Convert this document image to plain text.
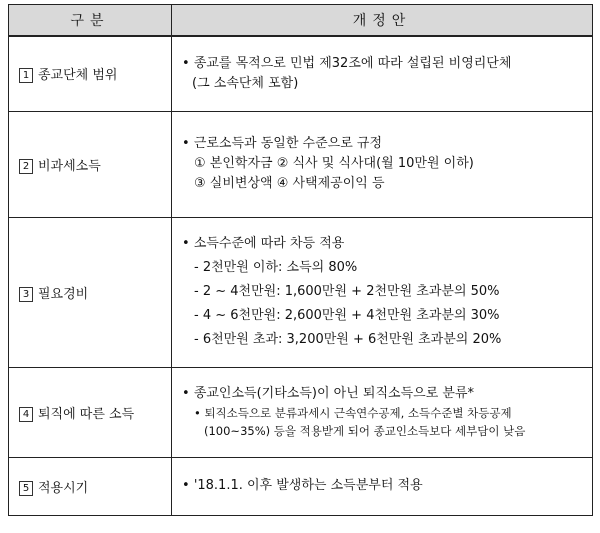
구분	개정안
1 종교단체 범위	• 종교를 목적으로 민법 제32조에 따라 설립된 비영리단체
(그 소속단체 포함)

2 비과세소득	• 근로소득과 동일한 수준으로 규정
① 본인학자금 ② 식사 및 식사대(월 10만원 이하)
③ 실비변상액 ④ 사택제공이익 등

3 필요경비	• 소득수준에 따라 차등 적용
- 2천만원 이하: 소득의 80%
- 2 ~ 4천만원: 1,600만원 + 2천만원 초과분의 50%
- 4 ~ 6천만원: 2,600만원 + 4천만원 초과분의 30%
- 6천만원 초과: 3,200만원 + 6천만원 초과분의 20%

4 퇴직에 따른 소득	• 종교인소득(기타소득)이 아닌 퇴직소득으로 분류*
• 퇴직소득으로 분류과세시 근속연수공제, 소득수준별 차등공제
(100~35%) 등을 적용받게 되어 종교인소득보다 세부담이 낮음

5 적용시기	• '18.1.1. 이후 발생하는 소득분부터 적용
